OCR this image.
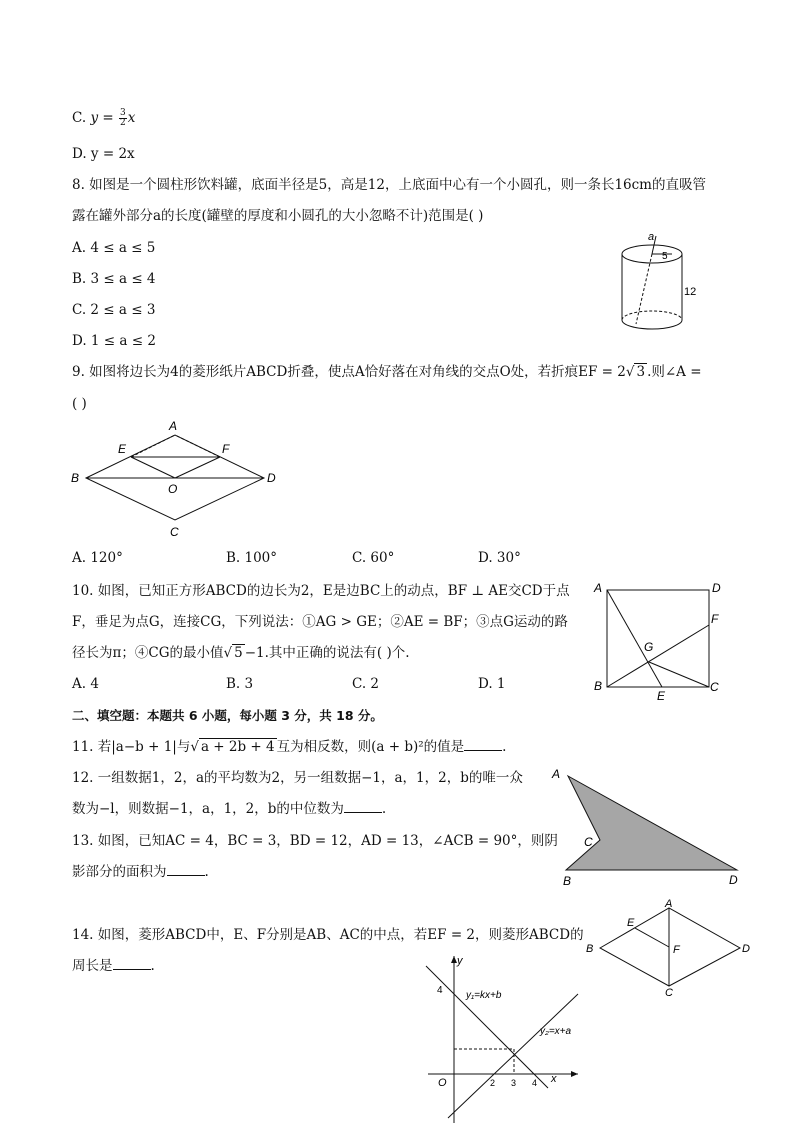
C. $y = \frac{3}{2}$ x
D. y = 2x
8. 如图是一个圆柱形饮料罐，底面半径是5，高是12，上底面中心有一个小圆孔，则一条长16cm的直吸管
露在罐外部分a的长度(罐壁的厚度和小圆孔的大小忽略不计)范围是( )
A. 4 ≤ a ≤ 5
B. 3 ≤ a ≤ 4
C. 2 ≤ a ≤ 3
D. 1 ≤ a ≤ 2
a
5
12
9. 如图将边长为4的菱形纸片ABCD折叠，使点A恰好落在对角线的交点O处，若折痕EF = 2√ 3 .则∠A =
( )
A
B
C
D
E	F
O
A. 120°	B. 100°	C. 60°	D. 30°
10. 如图，已知正方形ABCD的边长为2，E是边BC上的动点，BF ⊥ AE交CD于点
F，垂足为点G，连接CG，下列说法：①AG > GE；②AE = BF；③点G运动的路
径长为π；④CG的最小值√ 5 −1.其中正确的说法有( )个.
A. 4	B. 3	C. 2	D. 1
A	D
B	C
E
F
G
二、填空题：本题共 6 小题，每小题 3 分，共 18 分。
11. 若|a−b + 1|与√ a + 2b + 4 互为相反数，则(a + b)²的值是	.
12. 一组数据1，2，a的平均数为2，另一组数据−1，a，1，2，b的唯一众
数为−l，则数据−1，a，1，2，b的中位数为	.
13. 如图，已知AC = 4，BC = 3，BD = 12，AD = 13，∠ACB = 90°，则阴
影部分的面积为	.
A
C
B	D
14. 如图，菱形ABCD中，E、F分别是AB、AC的中点，若EF = 2，则菱形ABCD的
周长是	.
A
B
C
D
E
F
y
x
O
4
2 3 4
y₁=kx+b
y₂=x+a
